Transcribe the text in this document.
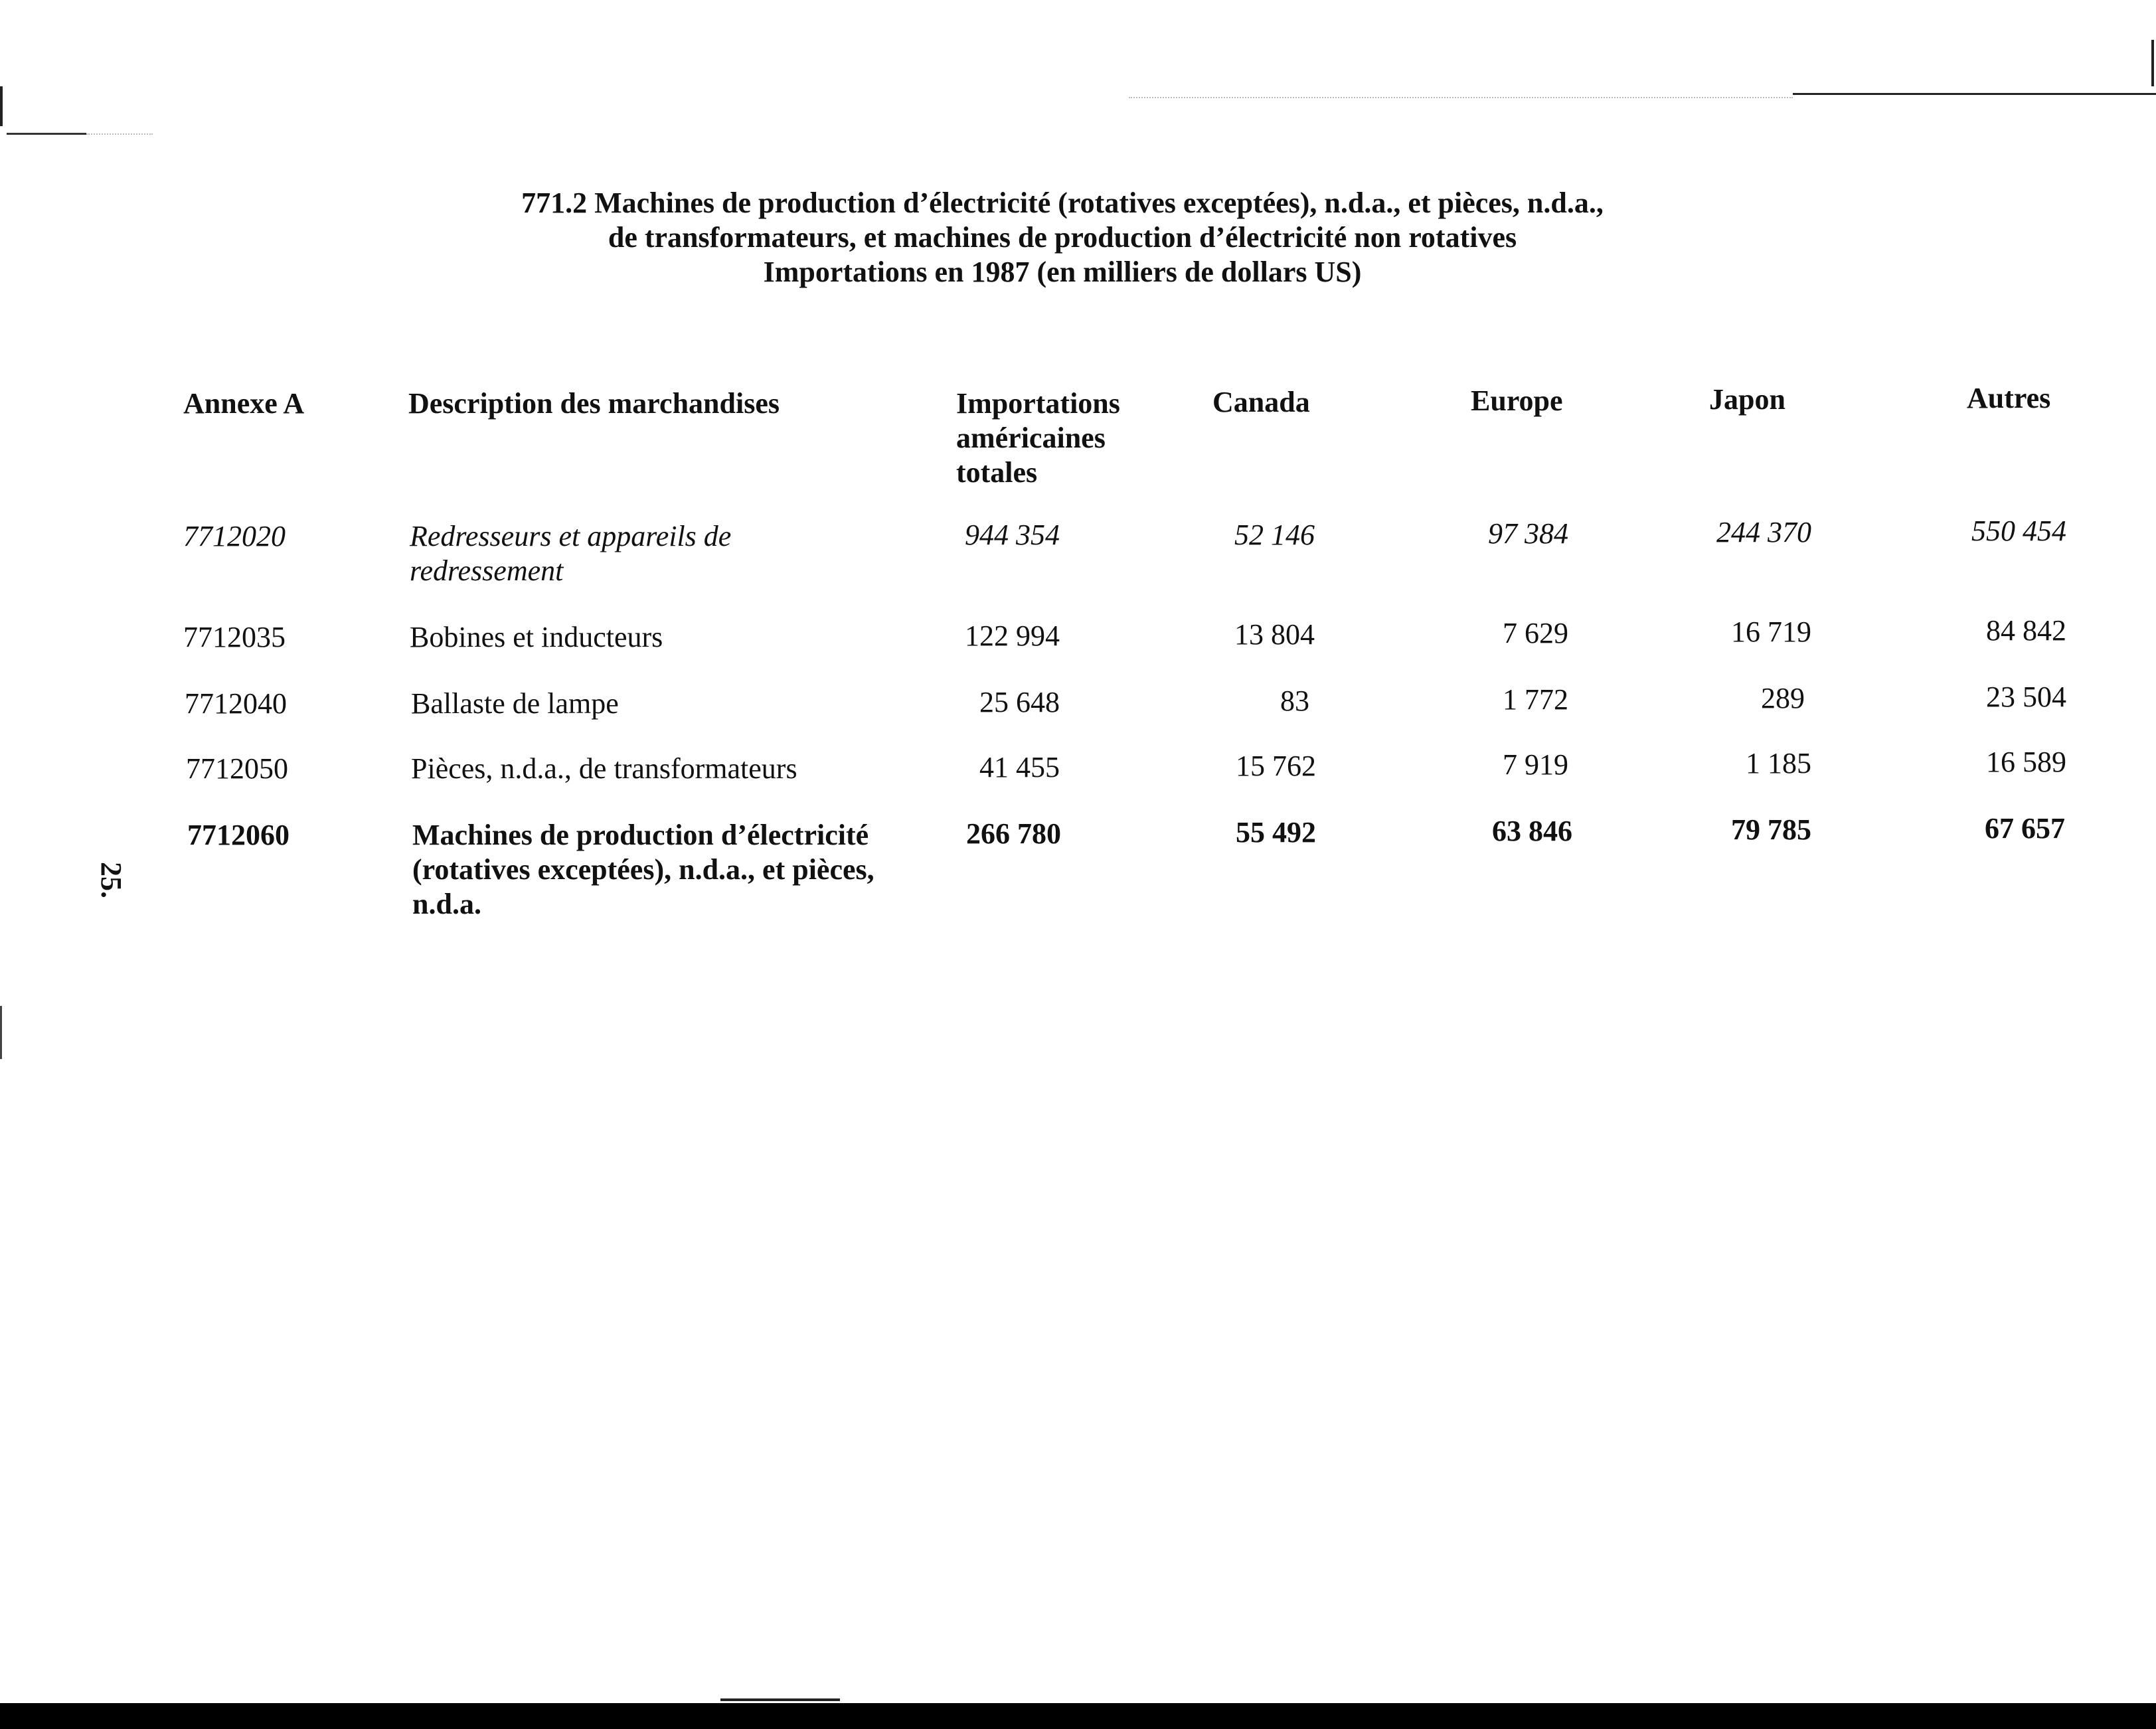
771.2 Machines de production d’électricité (rotatives exceptées), n.d.a., et pièces, n.d.a.,
de transformateurs, et machines de production d’électricité non rotatives
Importations en 1987 (en milliers de dollars US)
25.
Annexe A	Description des marchandises	Importations
américaines
totales
Canada	Europe	Japon	Autres
7712020	Redresseurs et appareils de
redressement
944 354	52 146	97 384	244 370	550 454
7712035	Bobines et inducteurs	122 994	13 804	7 629	16 719	84 842
7712040	Ballaste de lampe	25 648	83	1 772	289	23 504
7712050	Pièces, n.d.a., de transformateurs	41 455	15 762	7 919	1 185	16 589
7712060	Machines de production d’électricité
(rotatives exceptées), n.d.a., et pièces,
n.d.a.
266 780	55 492	63 846	79 785	67 657
